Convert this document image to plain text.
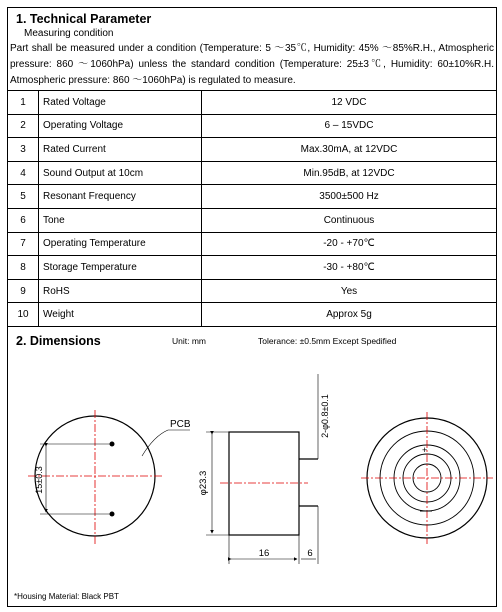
1. Technical Parameter
Measuring condition
Part shall be measured under a condition (Temperature: 5 ～35℃, Humidity: 45% ～85%R.H., Atmospheric pressure: 860 ～1060hPa) unless the standard condition (Temperature: 25±3℃, Humidity: 60±10%R.H. Atmospheric pressure: 860 ～1060hPa) is regulated to measure.
1	Rated Voltage	12 VDC
2	Operating Voltage	6 – 15VDC
3	Rated Current	Max.30mA, at 12VDC
4	Sound Output at 10cm	Min.95dB, at 12VDC
5	Resonant Frequency	3500±500 Hz
6	Tone	Continuous
7	Operating Temperature	-20 - +70℃
8	Storage Temperature	-30 - +80℃
9	RoHS	Yes
10	Weight	Approx 5g
2. Dimensions	Unit: mm	Tolerance: ±0.5mm Except Spedified
15±0.3
PCB
φ23.3
16	6
2-φ0.8±0.1
+
*Housing Material: Black PBT
